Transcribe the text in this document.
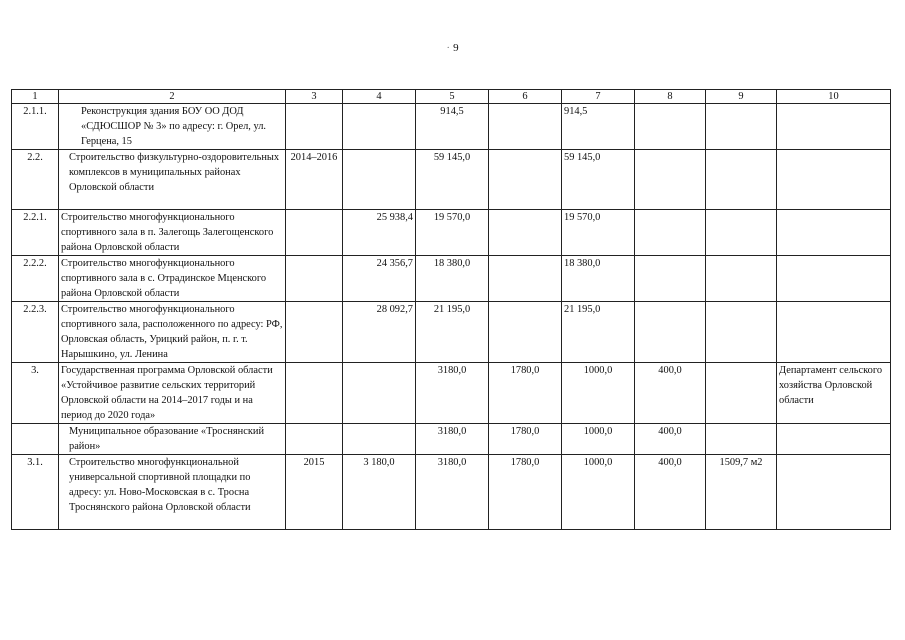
· 9
1	2	3	4	5	6	7	8	9	10
2.1.1.	Реконструкция здания БОУ ОО ДОД «СДЮСШОР № 3» по адресу: г. Орел, ул. Герцена, 15			914,5		914,5			
2.2.	Строительство физкультурно-оздоровительных комплексов в муниципальных районах Орловской области	2014–2016		59 145,0		59 145,0			
2.2.1.	Строительство многофункционального спортивного зала в п. Залегощь Залегощенского района Орловской области		25 938,4	19 570,0		19 570,0			
2.2.2.	Строительство многофункционального спортивного зала в с. Отрадинское Мценского района Орловской области		24 356,7	18 380,0		18 380,0			
2.2.3.	Строительство многофункционального спортивного зала, расположенного по адресу: РФ, Орловская область, Урицкий район, п. г. т. Нарышкино, ул. Ленина		28 092,7	21 195,0		21 195,0			
3.	Государственная программа Орловской области «Устойчивое развитие сельских территорий Орловской области на 2014–2017 годы и на период до 2020 года»			3180,0	1780,0	1000,0	400,0		Департамент сельского хозяйства Орловской области
	Муниципальное образование «Троснянский район»			3180,0	1780,0	1000,0	400,0		
3.1.	Строительство многофункциональной универсальной спортивной площадки по адресу: ул. Ново-Московская в с. Тросна Троснянского района Орловской области	2015	3 180,0	3180,0	1780,0	1000,0	400,0	1509,7 м2	
